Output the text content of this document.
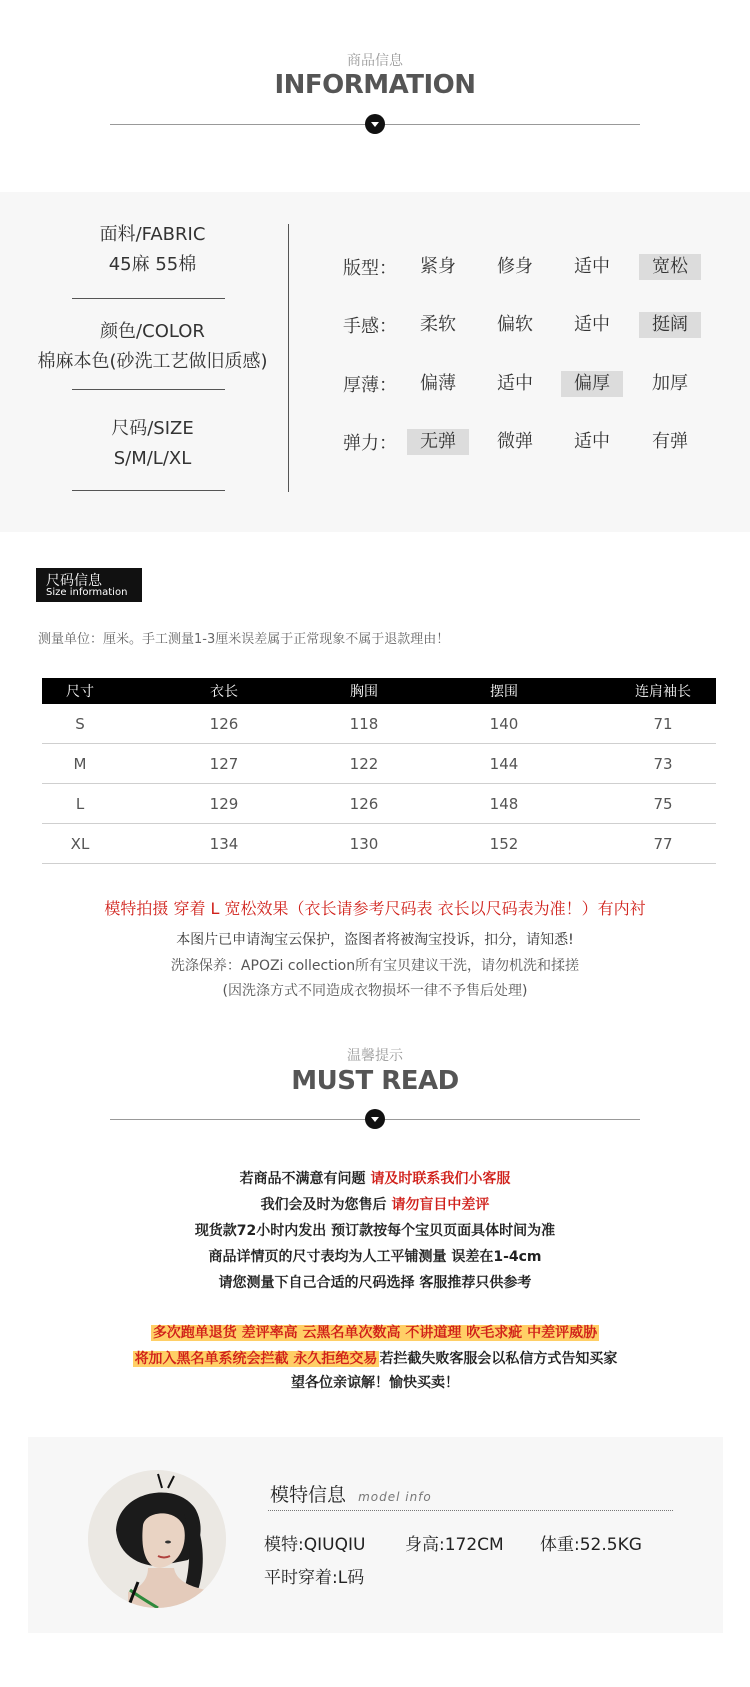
商品信息
INFORMATION
面料/FABRIC
45麻 55棉
颜色/COLOR
棉麻本色(砂洗工艺做旧质感)
尺码/SIZE
S/M/L/XL
版型：	紧身	修身	适中	宽松
手感：	柔软	偏软	适中	挺阔
厚薄：	偏薄	适中	偏厚	加厚
弹力：	无弹	微弹	适中	有弹
尺码信息
Size information
测量单位：厘米。手工测量1-3厘米误差属于正常现象不属于退款理由！
尺寸	衣长	胸围	摆围	连肩袖长
S	126	118	140	71
M	127	122	144	73
L	129	126	148	75
XL	134	130	152	77
模特拍摄 穿着 L 宽松效果（衣长请参考尺码表 衣长以尺码表为准！）有内衬
本图片已申请淘宝云保护，盗图者将被淘宝投诉，扣分，请知悉!
洗涤保养：APOZi collection所有宝贝建议干洗，请勿机洗和揉搓
(因洗涤方式不同造成衣物损坏一律不予售后处理)
温馨提示
MUST READ
若商品不满意有问题 请及时联系我们小客服
我们会及时为您售后 请勿盲目中差评
现货款72小时内发出 预订款按每个宝贝页面具体时间为准
商品详情页的尺寸表均为人工平铺测量 误差在1-4cm
请您测量下自己合适的尺码选择 客服推荐只供参考
多次跑单退货 差评率高 云黑名单次数高 不讲道理 吹毛求疵 中差评威胁
将加入黑名单系统会拦截 永久拒绝交易 若拦截失败客服会以私信方式告知买家
望各位亲谅解！愉快买卖！
模特信息 model info
模特:QIUQIU 身高:172CM 体重:52.5KG
平时穿着:L码
